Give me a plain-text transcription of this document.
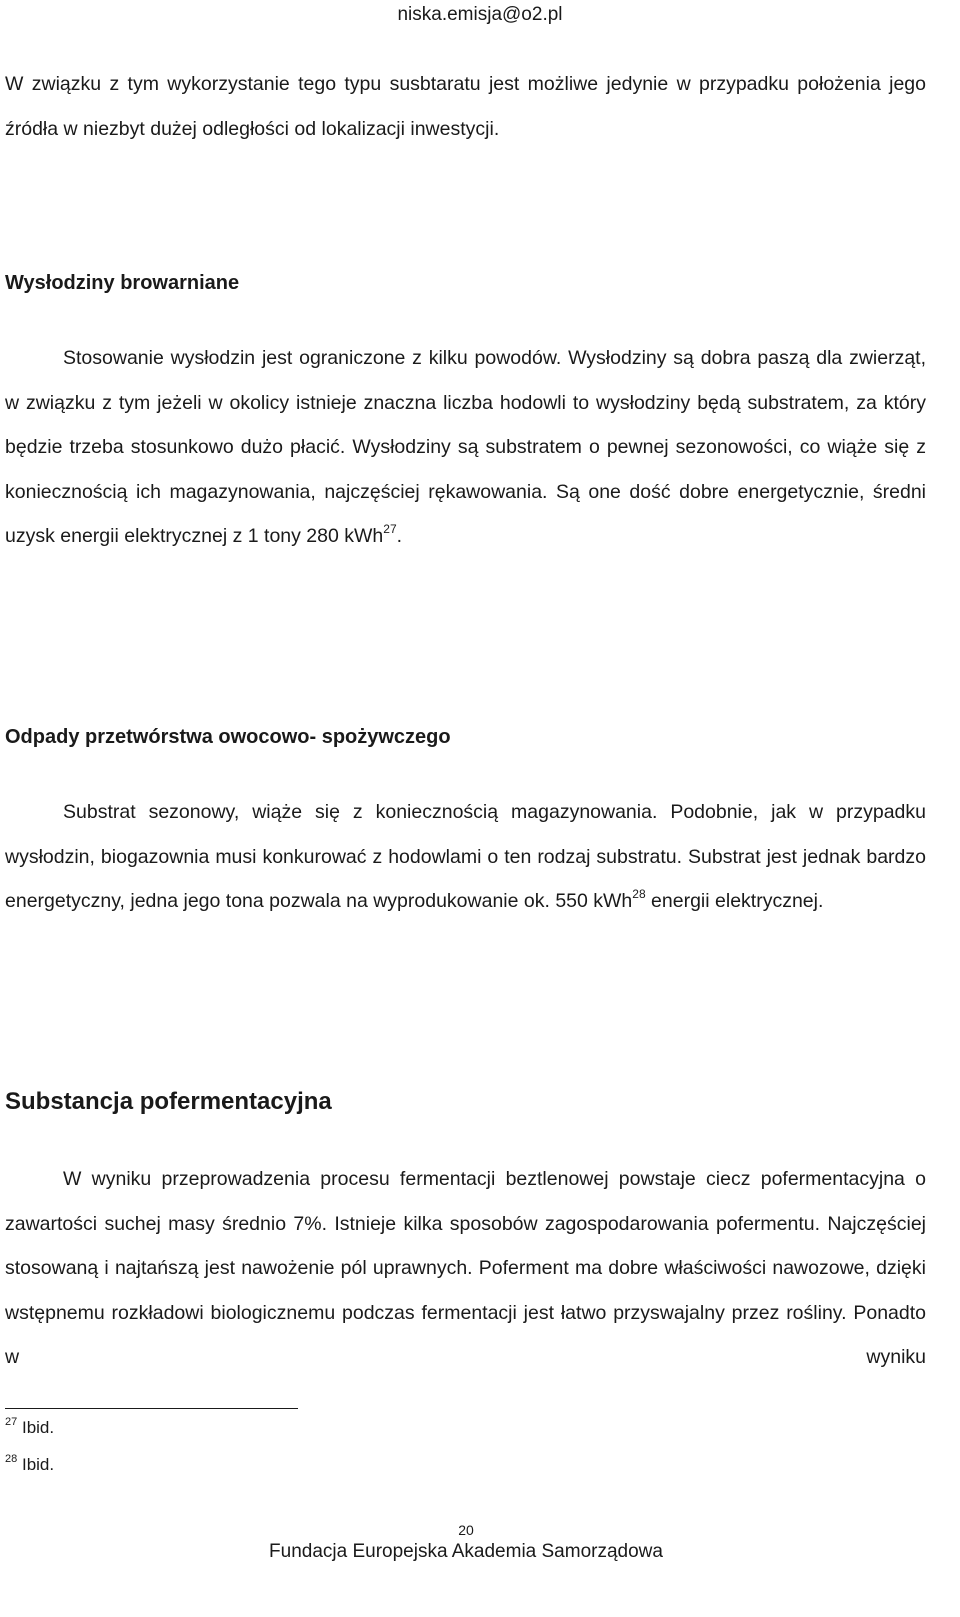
niska.emisja@o2.pl

W związku z tym wykorzystanie tego typu susbtaratu jest możliwe jedynie w przypadku położenia jego źródła w niezbyt dużej odległości od lokalizacji inwestycji.

Wysłodziny browarniane

Stosowanie wysłodzin jest ograniczone z kilku powodów. Wysłodziny są dobra paszą dla zwierząt, w związku z tym jeżeli w okolicy istnieje znaczna liczba hodowli to wysłodziny będą substratem, za który będzie trzeba stosunkowo dużo płacić. Wysłodziny są substratem o pewnej sezonowości, co wiąże się z koniecznością ich magazynowania, najczęściej rękawowania. Są one dość dobre energetycznie, średni uzysk energii elektrycznej z 1 tony 280 kWh$^{27}$.

Odpady przetwórstwa owocowo- spożywczego

Substrat sezonowy, wiąże się z koniecznością magazynowania. Podobnie, jak w przypadku wysłodzin, biogazownia musi konkurować z hodowlami o ten rodzaj substratu. Substrat jest jednak bardzo energetyczny, jedna jego tona pozwala na wyprodukowanie ok. 550 kWh$^{28}$ energii elektrycznej.

Substancja pofermentacyjna

W wyniku przeprowadzenia procesu fermentacji beztlenowej powstaje ciecz pofermentacyjna o zawartości suchej masy średnio 7%. Istnieje kilka sposobów zagospodarowania pofermentu. Najczęściej stosowaną i najtańszą jest nawożenie pól uprawnych. Poferment ma dobre właściwości nawozowe, dzięki wstępnemu rozkładowi biologicznemu podczas fermentacji jest łatwo przyswajalny przez rośliny. Ponadto w wyniku

$^{27}$ Ibid.
$^{28}$ Ibid.
20
Fundacja Europejska Akademia Samorządowa
